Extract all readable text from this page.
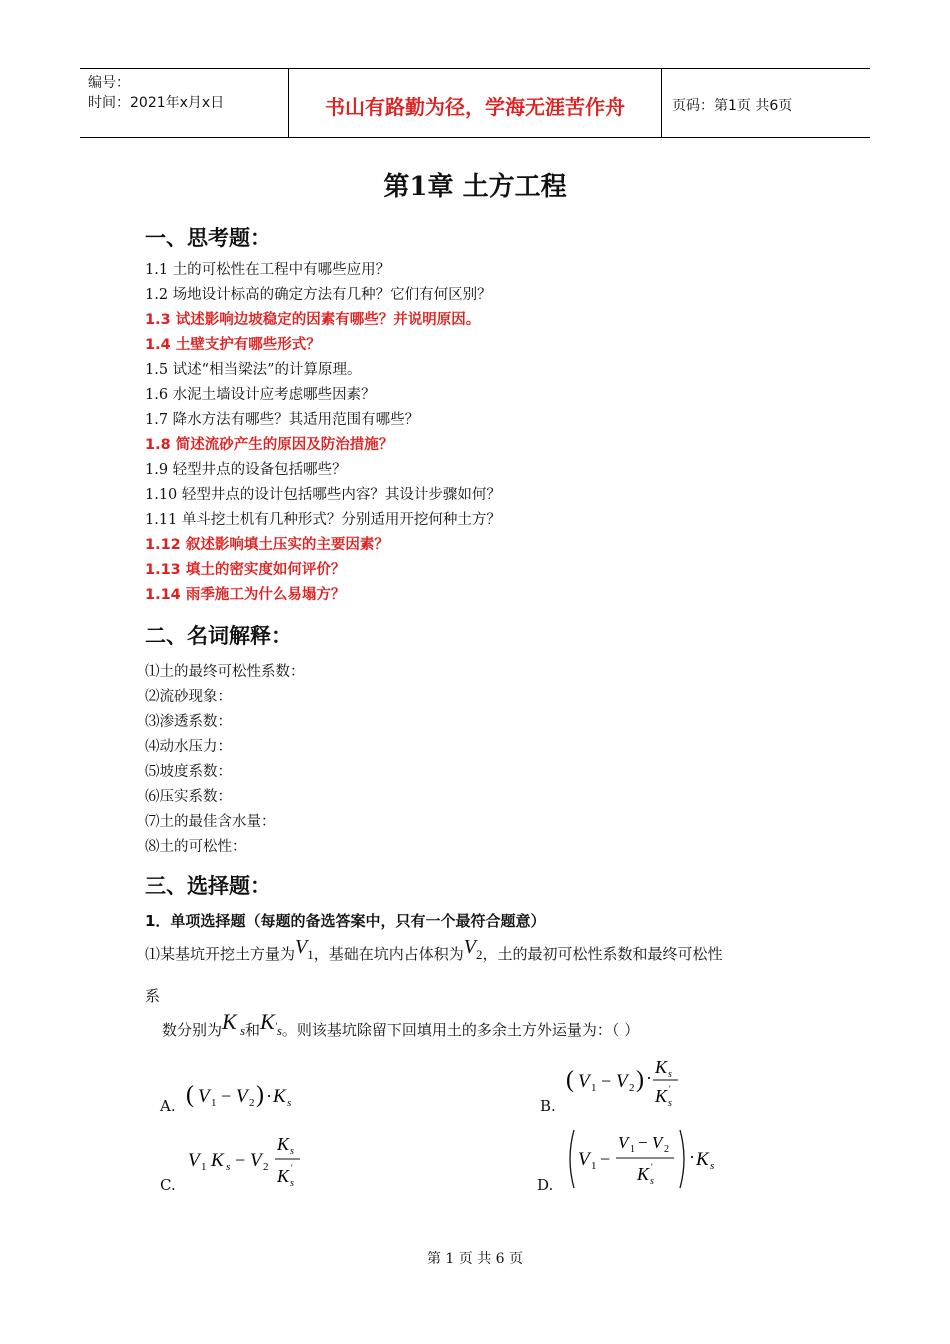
编号：
时间：2021年x月x日	书山有路勤为径，学海无涯苦作舟	页码：第1页 共6页
第1章 土方工程
一、思考题：
1.1 土的可松性在工程中有哪些应用？
1.2 场地设计标高的确定方法有几种？它们有何区别？
1.3 试述影响边坡稳定的因素有哪些？并说明原因。
1.4 土壁支护有哪些形式？
1.5 试述“相当梁法”的计算原理。
1.6 水泥土墙设计应考虑哪些因素？
1.7 降水方法有哪些？其适用范围有哪些？
1.8 简述流砂产生的原因及防治措施？
1.9 轻型井点的设备包括哪些？
1.10 轻型井点的设计包括哪些内容？其设计步骤如何？
1.11 单斗挖土机有几种形式？分别适用开挖何种土方？
1.12 叙述影响填土压实的主要因素？
1.13 填土的密实度如何评价？
1.14 雨季施工为什么易塌方？
二、名词解释：
⑴土的最终可松性系数：
⑵流砂现象：
⑶渗透系数：
⑷动水压力：
⑸坡度系数：
⑹压实系数：
⑺土的最佳含水量：
⑻土的可松性：
三、选择题：
1．单项选择题（每题的备选答案中，只有一个最符合题意）
⑴某基坑开挖土方量为V1，基础在坑内占体积为V2，土的最初可松性系数和最终可松性
系
数分别为K s和K's。则该基坑除留下回填用土的多余土方外运量为：（ ）
A. ( V 1 − V 2 ) · K s	B.
( V 1 − V 2 ) ·
K s
K '
s
C.
V 1 K s − V 2
K s
K '
s	D.
V 1 −
V 1 − V 2
K '
s
· K s
第 1 页 共 6 页
